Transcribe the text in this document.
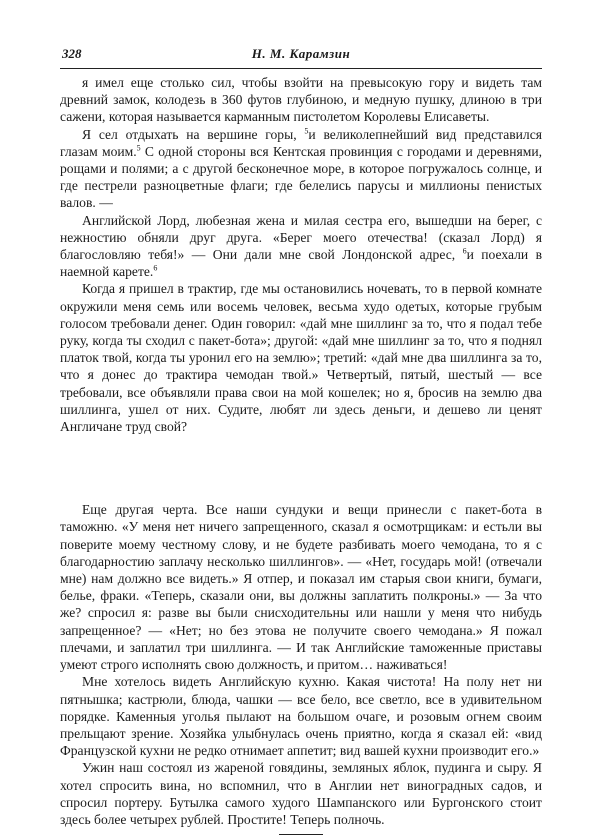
328	Н. М. Карамзин

я имел еще столько сил, чтобы взойти на превысокую гору и видеть там древний замок, колодезь в 360 футов глубиною, и медную пушку, длиною в три сажени, которая называется карманным пистолетом Королевы Елисаветы.

Я сел отдыхать на вершине горы, $^5$и великолепнейший вид представился глазам моим.$^5$ С одной стороны вся Кентская провинция с городами и деревнями, рощами и полями; а с другой бесконечное море, в которое погружалось солнце, и где пестрели разноцветные флаги; где белелись парусы и миллионы пенистых валов. —

Английской Лорд, любезная жена и милая сестра его, вышедши на берег, с нежностию обняли друг друга. «Берег моего отечества! (сказал Лорд) я благословляю тебя!» — Они дали мне свой Лондонской адрес, $^6$и поехали в наемной карете.$^6$

Когда я пришел в трактир, где мы остановились ночевать, то в первой комнате окружили меня семь или восемь человек, весьма худо одетых, которые грубым голосом требовали денег. Один говорил: «дай мне шиллинг за то, что я подал тебе руку, когда ты сходил с пакет-бота»; другой: «дай мне шиллинг за то, что я поднял платок твой, когда ты уронил его на землю»; третий: «дай мне два шиллинга за то, что я донес до трактира чемодан твой.» Четвертый, пятый, шестый — все требовали, все объявляли права свои на мой кошелек; но я, бросив на землю два шиллинга, ушел от них. Судите, любят ли здесь деньги, и дешево ли ценят Англичане труд свой?

Еще другая черта. Все наши сундуки и вещи принесли с пакет-бота в таможню. «У меня нет ничего запрещенного, сказал я осмотрщикам: и естьли вы поверите моему честному слову, и не будете разбивать моего чемодана, то я с благодарностию заплачу несколько шиллингов». — «Нет, государь мой! (отвечали мне) нам должно все видеть.» Я отпер, и показал им старыя свои книги, бумаги, белье, фраки. «Теперь, сказали они, вы должны заплатить полкроны.» — За что же? спросил я: разве вы были снисходительны или нашли у меня что нибудь запрещенное? — «Нет; но без этова не получите своего чемодана.» Я пожал плечами, и заплатил три шиллинга. — И так Английские таможенные приставы умеют строго исполнять свою должность, и притом… наживаться!

Мне хотелось видеть Английскую кухню. Какая чистота! На полу нет ни пятнышка; кастрюли, блюда, чашки — все бело, все светло, все в удивительном порядке. Каменныя уголья пылают на большом очаге, и розовым огнем своим прельщают зрение. Хозяйка улыбнулась очень приятно, когда я сказал ей: «вид Французской кухни не редко отнимает аппетит; вид вашей кухни производит его.»

Ужин наш состоял из жареной говядины, земляных яблок, пудинга и сыру. Я хотел спросить вина, но вспомнил, что в Англии нет виноградных садов, и спросил портеру. Бутылка самого худого Шампанского или Бургонского стоит здесь более четырех рублей. Простите! Теперь полночь.
